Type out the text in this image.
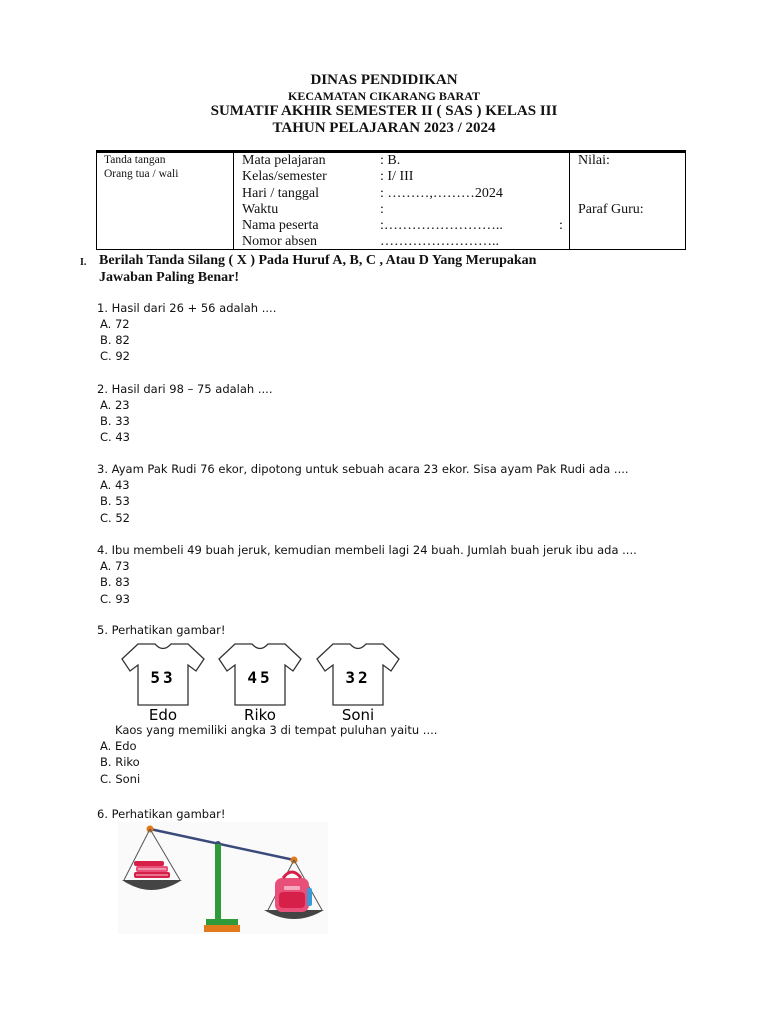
DINAS PENDIDIKAN
KECAMATAN CIKARANG BARAT
SUMATIF AKHIR SEMESTER II ( SAS ) KELAS III
TAHUN PELAJARAN 2023 / 2024
Tanda tangan
Orang tua / wali
Mata pelajaran	: B.
Kelas/semester	: I/ III
Hari / tanggal	: ………,………2024
Waktu	:
Nama peserta	:……………………..	:
Nomor absen	……………………..
Nilai:
Paraf Guru:
I. Berilah Tanda Silang ( X ) Pada Huruf A, B, C , Atau D Yang Merupakan
Jawaban Paling Benar!
1. Hasil dari 26 + 56 adalah ....
A. 72
B. 82
C. 92
2. Hasil dari 98 – 75 adalah ....
A. 23
B. 33
C. 43
3. Ayam Pak Rudi 76 ekor, dipotong untuk sebuah acara 23 ekor. Sisa ayam Pak Rudi ada ....
A. 43
B. 53
C. 52
4. Ibu membeli 49 buah jeruk, kemudian membeli lagi 24 buah. Jumlah buah jeruk ibu ada ....
A. 73
B. 83
C. 93
5. Perhatikan gambar!
53
Edo
45
Riko
32
Soni
Kaos yang memiliki angka 3 di tempat puluhan yaitu ....
A. Edo
B. Riko
C. Soni
6. Perhatikan gambar!
